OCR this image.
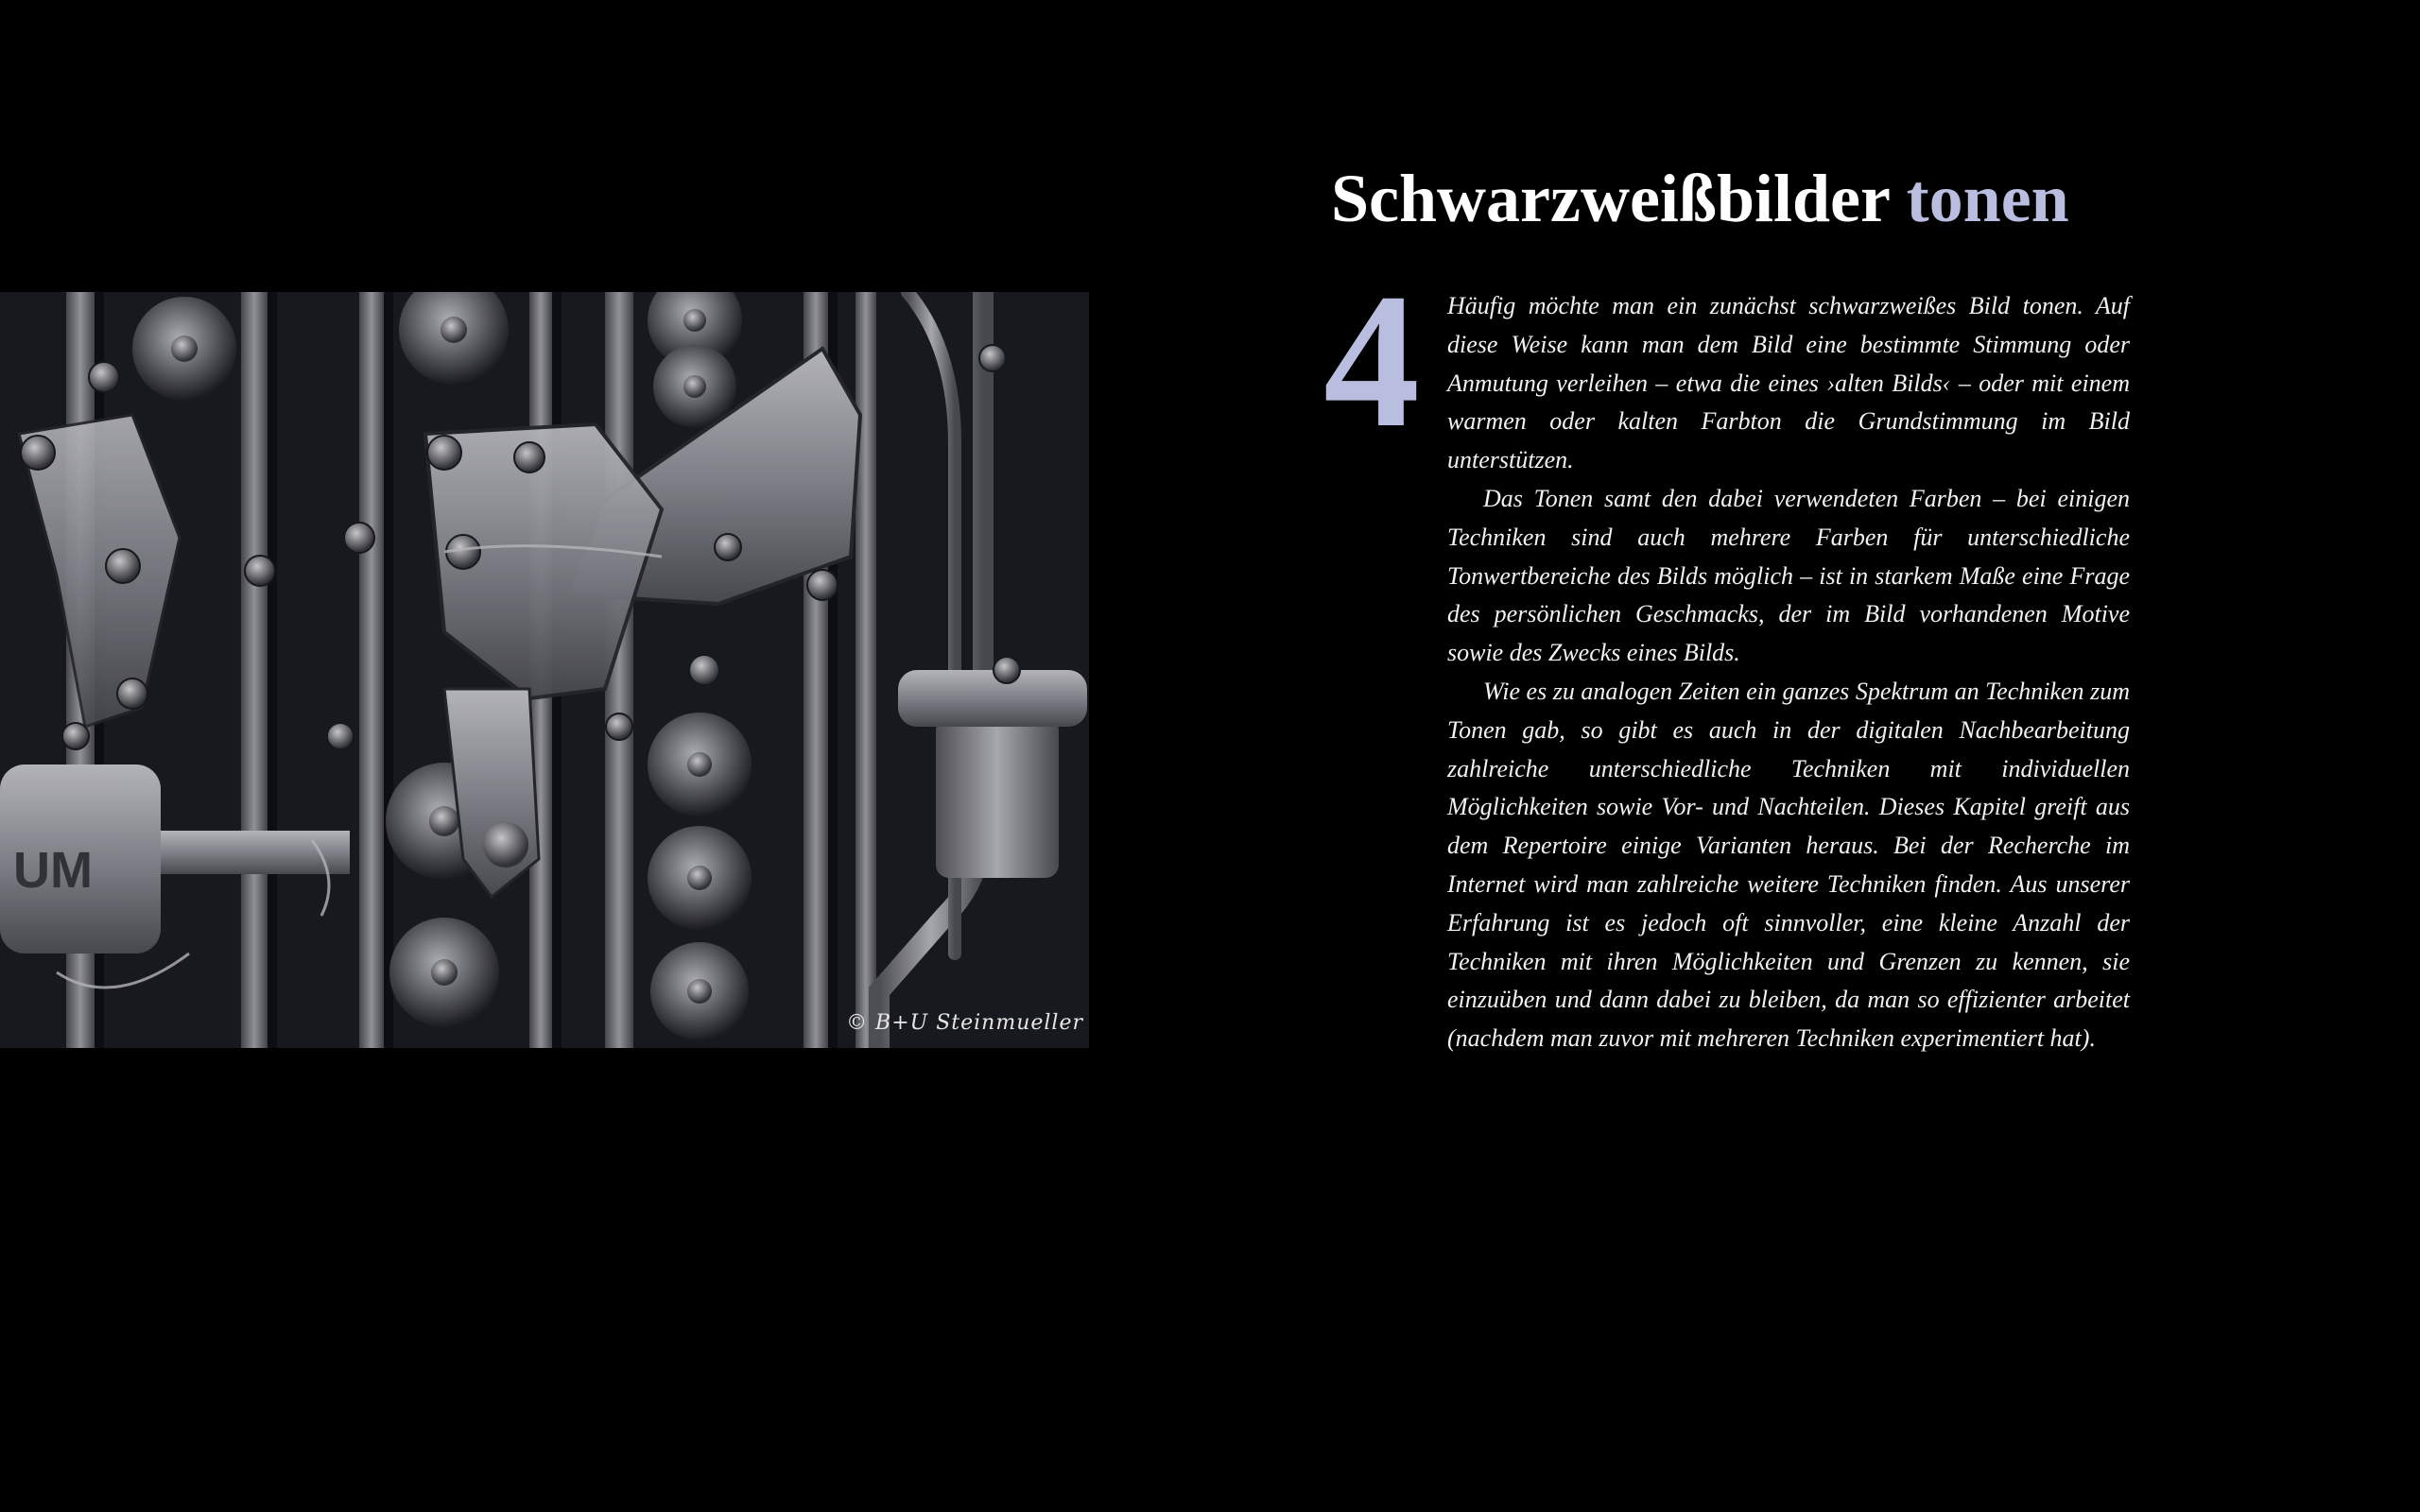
UM
© B+U Steinmueller
Schwarzweißbilder tonen
4	Häufig möchte man ein zunächst schwarzweißes Bild tonen. Auf diese Weise kann man dem Bild eine bestimmte Stimmung oder Anmutung verleihen – etwa die eines ›alten Bilds‹ – oder mit einem warmen oder kalten Farbton die Grundstimmung im Bild unterstützen.

Das Tonen samt den dabei verwendeten Farben – bei einigen Techniken sind auch mehrere Farben für unterschiedliche Tonwertbereiche des Bilds möglich – ist in starkem Maße eine Frage des persönlichen Geschmacks, der im Bild vorhandenen Motive sowie des Zwecks eines Bilds.

Wie es zu analogen Zeiten ein ganzes Spektrum an Techniken zum Tonen gab, so gibt es auch in der digitalen Nachbearbeitung zahlreiche unterschiedliche Techniken mit individuellen Möglichkeiten sowie Vor- und Nachteilen. Dieses Kapitel greift aus dem Repertoire einige Varianten heraus. Bei der Recherche im Internet wird man zahlreiche weitere Techniken finden. Aus unserer Erfahrung ist es jedoch oft sinnvoller, eine kleine Anzahl der Techniken mit ihren Möglichkeiten und Grenzen zu kennen, sie einzuüben und dann dabei zu bleiben, da man so effizienter arbeitet (nachdem man zuvor mit mehreren Techniken experimentiert hat).
